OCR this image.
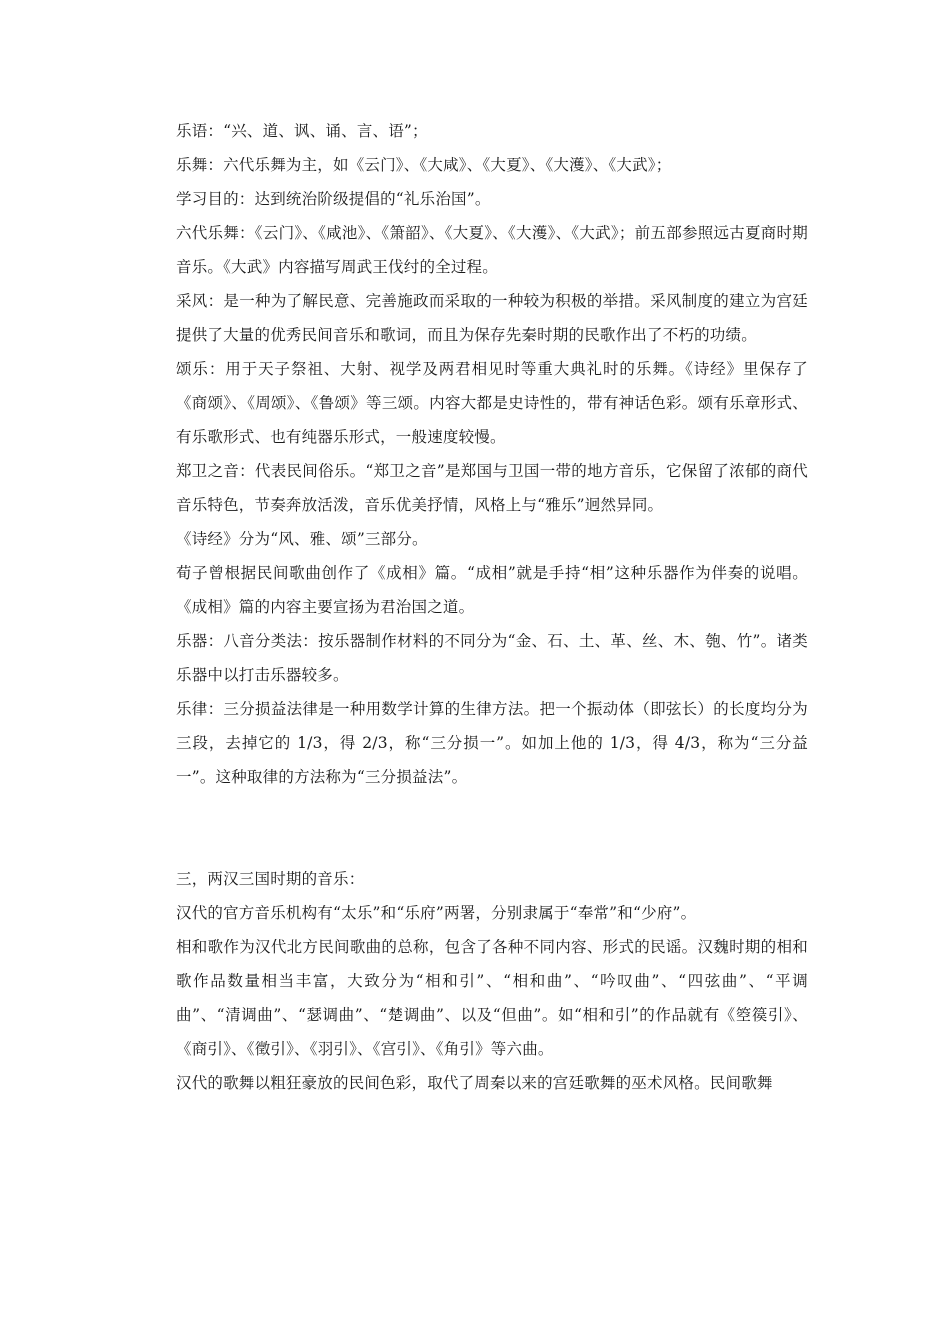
乐语：“兴、道、讽、诵、言、语”；

乐舞：六代乐舞为主，如《云门》、《大咸》、《大夏》、《大濩》、《大武》；

学习目的：达到统治阶级提倡的“礼乐治国”。

六代乐舞：《云门》、《咸池》、《箫韶》、《大夏》、《大濩》、《大武》；前五部参照远古夏商时期音乐。《大武》内容描写周武王伐纣的全过程。

采风：是一种为了解民意、完善施政而采取的一种较为积极的举措。采风制度的建立为宫廷提供了大量的优秀民间音乐和歌词，而且为保存先秦时期的民歌作出了不朽的功绩。

颂乐：用于天子祭祖、大射、视学及两君相见时等重大典礼时的乐舞。《诗经》里保存了《商颂》、《周颂》、《鲁颂》等三颂。内容大都是史诗性的，带有神话色彩。颂有乐章形式、有乐歌形式、也有纯器乐形式，一般速度较慢。

郑卫之音：代表民间俗乐。“郑卫之音”是郑国与卫国一带的地方音乐，它保留了浓郁的商代音乐特色，节奏奔放活泼，音乐优美抒情，风格上与“雅乐”迥然异同。

《诗经》分为“风、雅、颂”三部分。

荀子曾根据民间歌曲创作了《成相》篇。“成相”就是手持“相”这种乐器作为伴奏的说唱。《成相》篇的内容主要宣扬为君治国之道。

乐器：八音分类法：按乐器制作材料的不同分为“金、石、土、革、丝、木、匏、竹”。诸类乐器中以打击乐器较多。

乐律：三分损益法律是一种用数学计算的生律方法。把一个振动体（即弦长）的长度均分为三段，去掉它的 1/3，得 2/3，称“三分损一”。如加上他的 1/3，得 4/3，称为“三分益一”。这种取律的方法称为“三分损益法”。

三，两汉三国时期的音乐：

汉代的官方音乐机构有“太乐”和“乐府”两署，分别隶属于“奉常”和“少府”。

相和歌作为汉代北方民间歌曲的总称，包含了各种不同内容、形式的民谣。汉魏时期的相和歌作品数量相当丰富，大致分为“相和引”、“相和曲”、“吟叹曲”、“四弦曲”、“平调曲”、“清调曲”、“瑟调曲”、“楚调曲”、以及“但曲”。如“相和引”的作品就有《箜篌引》、《商引》、《徵引》、《羽引》、《宫引》、《角引》等六曲。

汉代的歌舞以粗狂豪放的民间色彩，取代了周秦以来的宫廷歌舞的巫术风格。民间歌舞
